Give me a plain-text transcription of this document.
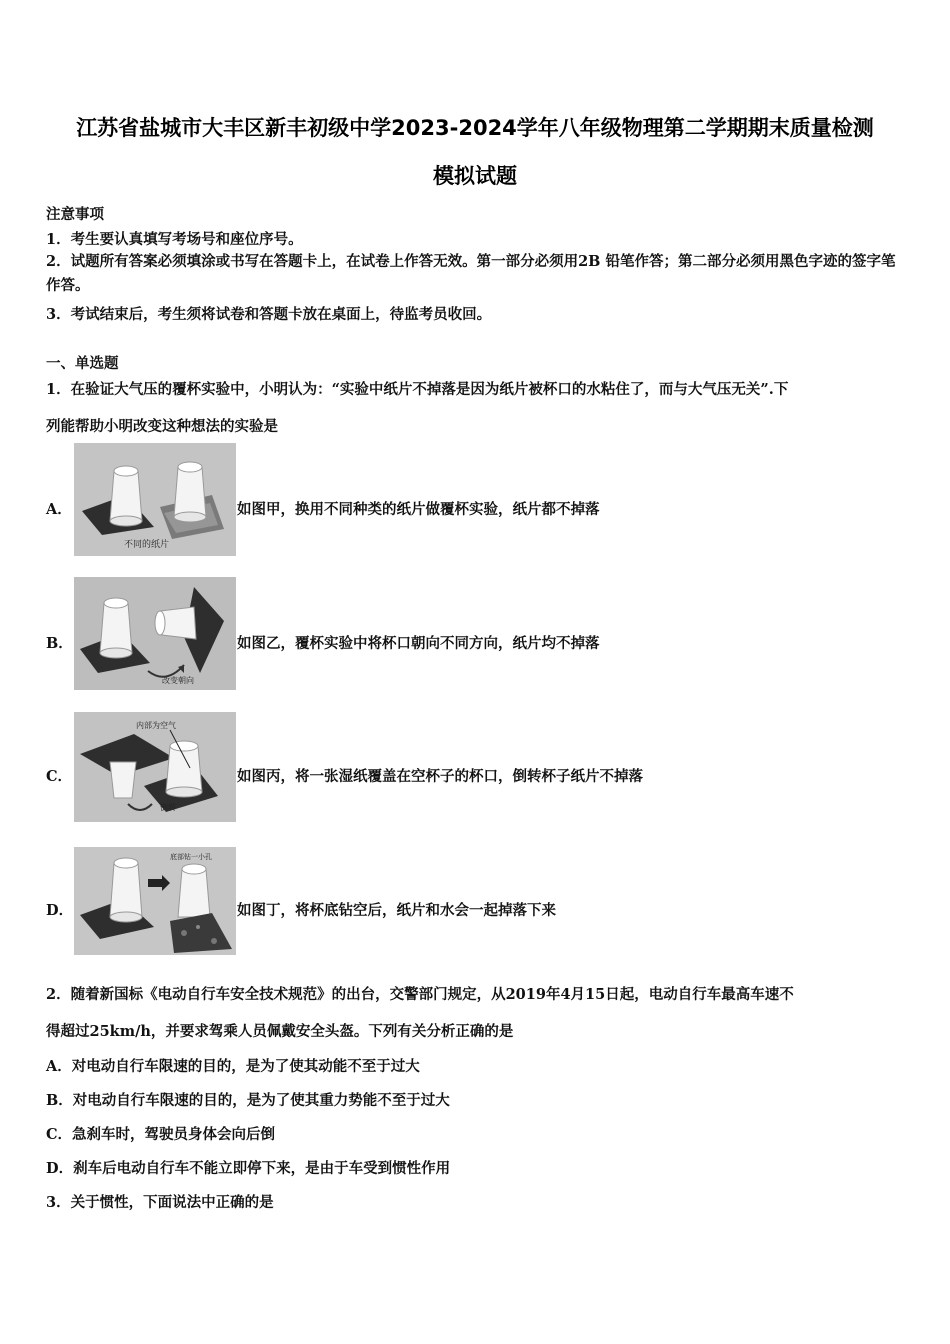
江苏省盐城市大丰区新丰初级中学2023-2024学年八年级物理第二学期期末质量检测
模拟试题
注意事项
1．考生要认真填写考场号和座位序号。
2．试题所有答案必须填涂或书写在答题卡上，在试卷上作答无效。第一部分必须用2B 铅笔作答；第二部分必须用黑色字迹的签字笔作答。
3．考试结束后，考生须将试卷和答题卡放在桌面上，待监考员收回。
一、单选题
1．在验证大气压的覆杯实验中，小明认为：“实验中纸片不掉落是因为纸片被杯口的水粘住了，而与大气压无关”.下
列能帮助小明改变这种想法的实验是
A．
不同的纸片
如图甲，换用不同种类的纸片做覆杯实验，纸片都不掉落
B．
改变朝向
如图乙，覆杯实验中将杯口朝向不同方向，纸片均不掉落
C．
内部为空气
倒转
如图丙，将一张湿纸覆盖在空杯子的杯口，倒转杯子纸片不掉落
D．
底部钻一小孔
如图丁，将杯底钻空后，纸片和水会一起掉落下来
2．随着新国标《电动自行车安全技术规范》的出台，交警部门规定，从2019年4月15日起，电动自行车最高车速不
得超过25km/h，并要求驾乘人员佩戴安全头盔。下列有关分析正确的是
A．对电动自行车限速的目的，是为了使其动能不至于过大
B．对电动自行车限速的目的，是为了使其重力势能不至于过大
C．急刹车时，驾驶员身体会向后倒
D．刹车后电动自行车不能立即停下来，是由于车受到惯性作用
3．关于惯性，下面说法中正确的是
